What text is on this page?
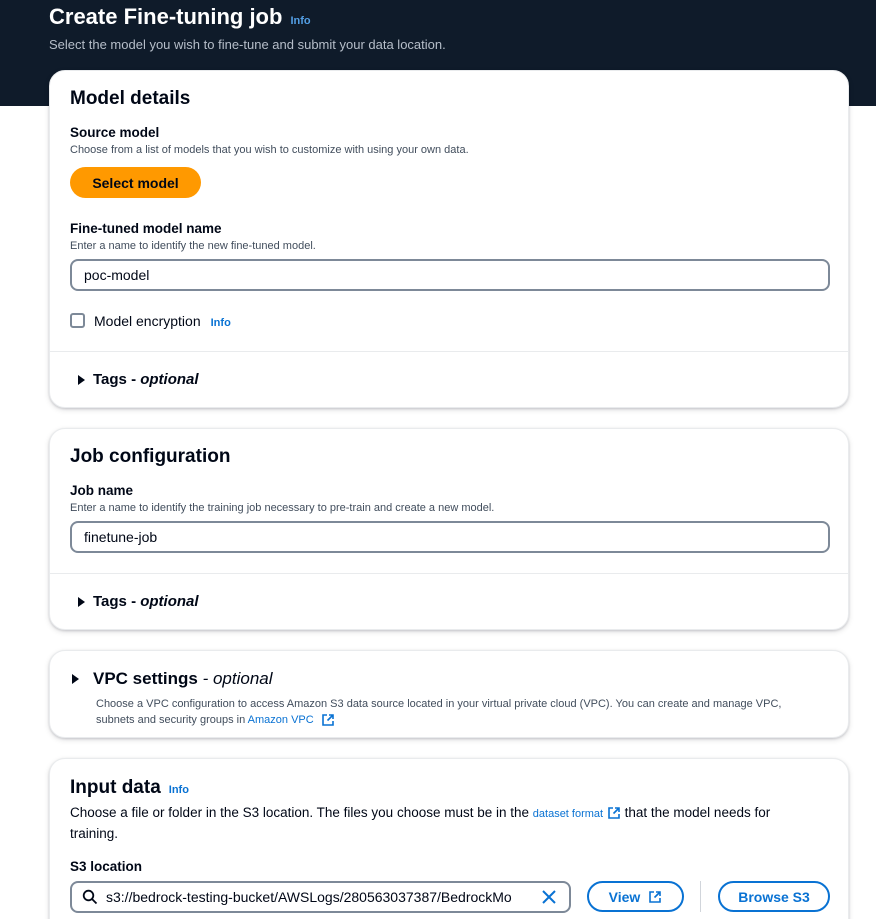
Create Fine-tuning job Info
Select the model you wish to fine-tune and submit your data location.
Model details
Source model
Choose from a list of models that you wish to customize with using your own data.
Select model
Fine-tuned model name
Enter a name to identify the new fine-tuned model.
poc-model
Model encryption Info
Tags - optional
Job configuration
Job name
Enter a name to identify the training job necessary to pre-train and create a new model.
finetune-job
Tags - optional
VPC settings - optional
Choose a VPC configuration to access Amazon S3 data source located in your virtual private cloud (VPC). You can create and manage VPC,
subnets and security groups in Amazon VPC
Input data Info
Choose a file or folder in the S3 location. The files you choose must be in the dataset format  that the model needs for
training.
S3 location
s3://bedrock-testing-bucket/AWSLogs/280563037387/BedrockMo	View	Browse S3
